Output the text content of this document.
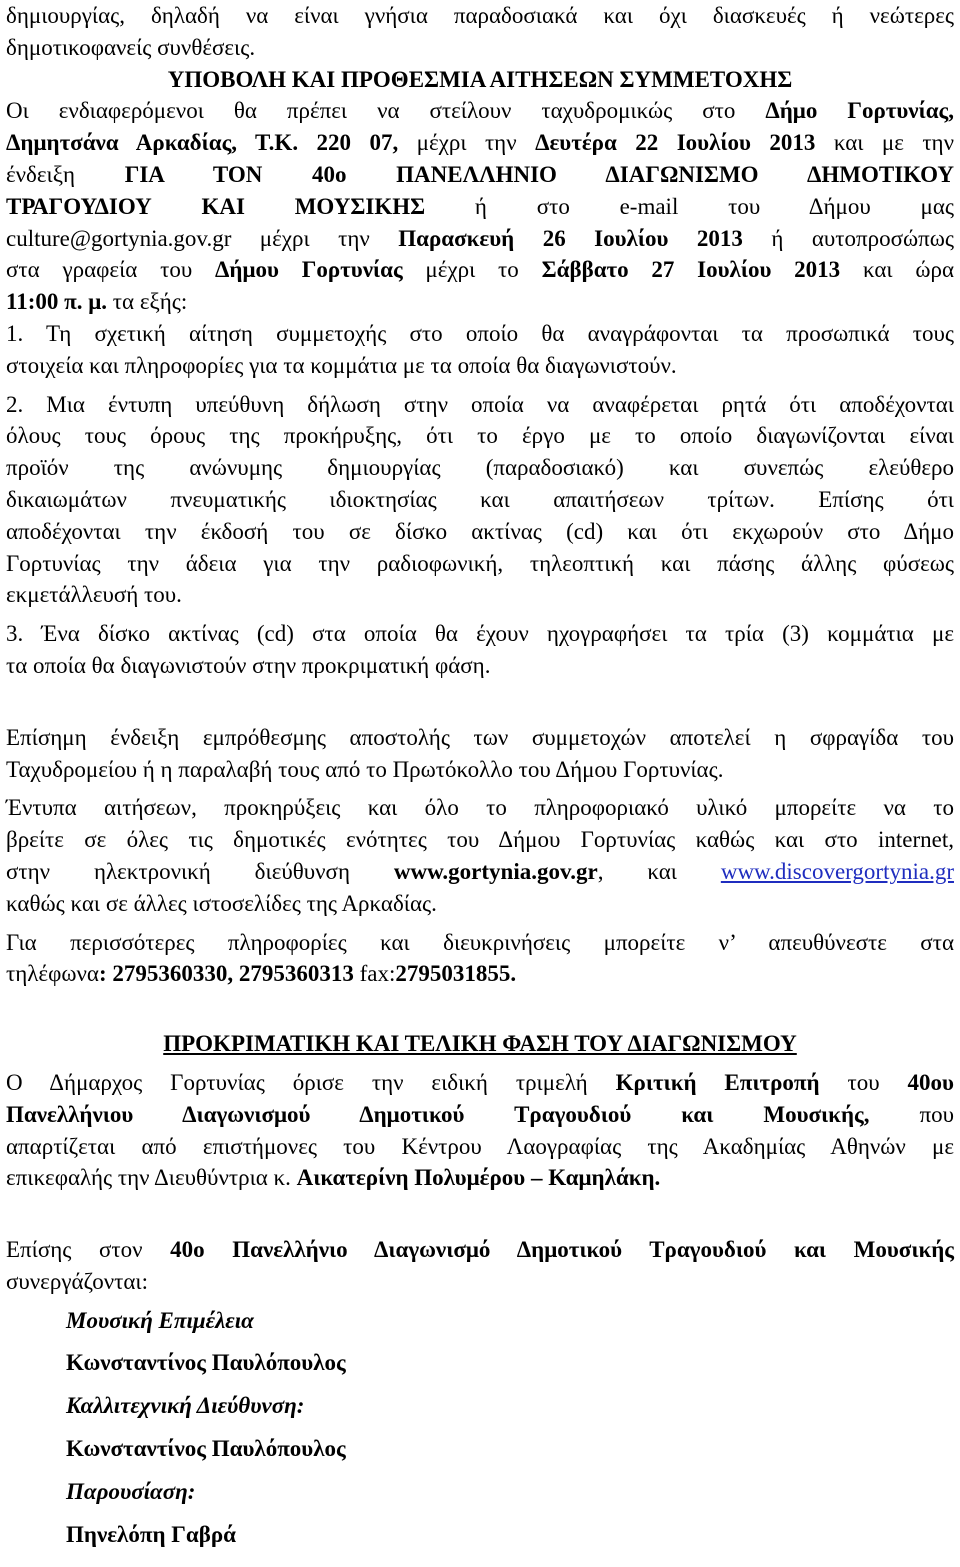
δημιουργίας, δηλαδή να είναι γνήσια παραδοσιακά και όχι διασκευές ή νεώτερες

δημοτικοφανείς συνθέσεις.

ΥΠΟΒΟΛΗ ΚΑΙ ΠΡΟΘΕΣΜΙΑ ΑΙΤΗΣΕΩΝ ΣΥΜΜΕΤΟΧΗΣ

Οι ενδιαφερόμενοι θα πρέπει να στείλουν ταχυδρομικώς στο Δήμο Γορτυνίας,

Δημητσάνα Αρκαδίας, Τ.Κ. 220 07, μέχρι την Δευτέρα 22 Ιουλίου 2013 και με την

ένδειξη ΓΙΑ ΤΟΝ 40ο ΠΑΝΕΛΛΗΝΙΟ ΔΙΑΓΩΝΙΣΜΟ ΔΗΜΟΤΙΚΟΥ

ΤΡΑΓΟΥΔΙΟΥ ΚΑΙ ΜΟΥΣΙΚΗΣ ή στο e-mail του Δήμου μας

culture@gortynia.gov.gr μέχρι την Παρασκευή 26 Ιουλίου 2013 ή αυτοπροσώπως

στα γραφεία του Δήμου Γορτυνίας μέχρι το Σάββατο 27 Ιουλίου 2013 και ώρα

11:00 π. μ. τα εξής:

1. Τη σχετική αίτηση συμμετοχής στο οποίο θα αναγράφονται τα προσωπικά τους

στοιχεία και πληροφορίες για τα κομμάτια με τα οποία θα διαγωνιστούν.

2. Μια έντυπη υπεύθυνη δήλωση στην οποία να αναφέρεται ρητά ότι αποδέχονται

όλους τους όρους της προκήρυξης, ότι το έργο με το οποίο διαγωνίζονται είναι

προϊόν της ανώνυμης δημιουργίας (παραδοσιακό) και συνεπώς ελεύθερο

δικαιωμάτων πνευματικής ιδιοκτησίας και απαιτήσεων τρίτων. Επίσης ότι

αποδέχονται την έκδοσή του σε δίσκο ακτίνας (cd) και ότι εκχωρούν στο Δήμο

Γορτυνίας την άδεια για την ραδιοφωνική, τηλεοπτική και πάσης άλλης φύσεως

εκμετάλλευσή του.

3. Ένα δίσκο ακτίνας (cd) στα οποία θα έχουν ηχογραφήσει τα τρία (3) κομμάτια με

τα οποία θα διαγωνιστούν στην προκριματική φάση.

Επίσημη ένδειξη εμπρόθεσμης αποστολής των συμμετοχών αποτελεί η σφραγίδα του

Ταχυδρομείου ή η παραλαβή τους από το Πρωτόκολλο του Δήμου Γορτυνίας.

Έντυπα αιτήσεων, προκηρύξεις και όλο το πληροφοριακό υλικό μπορείτε να το

βρείτε σε όλες τις δημοτικές ενότητες του Δήμου Γορτυνίας καθώς και στο internet,

στην ηλεκτρονική διεύθυνση www.gortynia.gov.gr, και www.discovergortynia.gr

καθώς και σε άλλες ιστοσελίδες της Αρκαδίας.

Για περισσότερες πληροφορίες και διευκρινήσεις μπορείτε ν’ απευθύνεστε στα

τηλέφωνα: 2795360330, 2795360313 fax:2795031855.

ΠΡΟΚΡΙΜΑΤΙΚΗ ΚΑΙ ΤΕΛΙΚΗ ΦΑΣΗ ΤΟΥ ΔΙΑΓΩΝΙΣΜΟΥ

Ο Δήμαρχος Γορτυνίας όρισε την ειδική τριμελή Κριτική Επιτροπή του 40ου

Πανελλήνιου Διαγωνισμού Δημοτικού Τραγουδιού και Μουσικής, που

απαρτίζεται από επιστήμονες του Κέντρου Λαογραφίας της Ακαδημίας Αθηνών με

επικεφαλής την Διευθύντρια κ. Αικατερίνη Πολυμέρου – Καμηλάκη.

Επίσης στον 40ο Πανελλήνιο Διαγωνισμό Δημοτικού Τραγουδιού και Μουσικής

συνεργάζονται:

Μουσική Επιμέλεια

Κωνσταντίνος Παυλόπουλος

Καλλιτεχνική Διεύθυνση:

Κωνσταντίνος Παυλόπουλος

Παρουσίαση:

Πηνελόπη Γαβρά
